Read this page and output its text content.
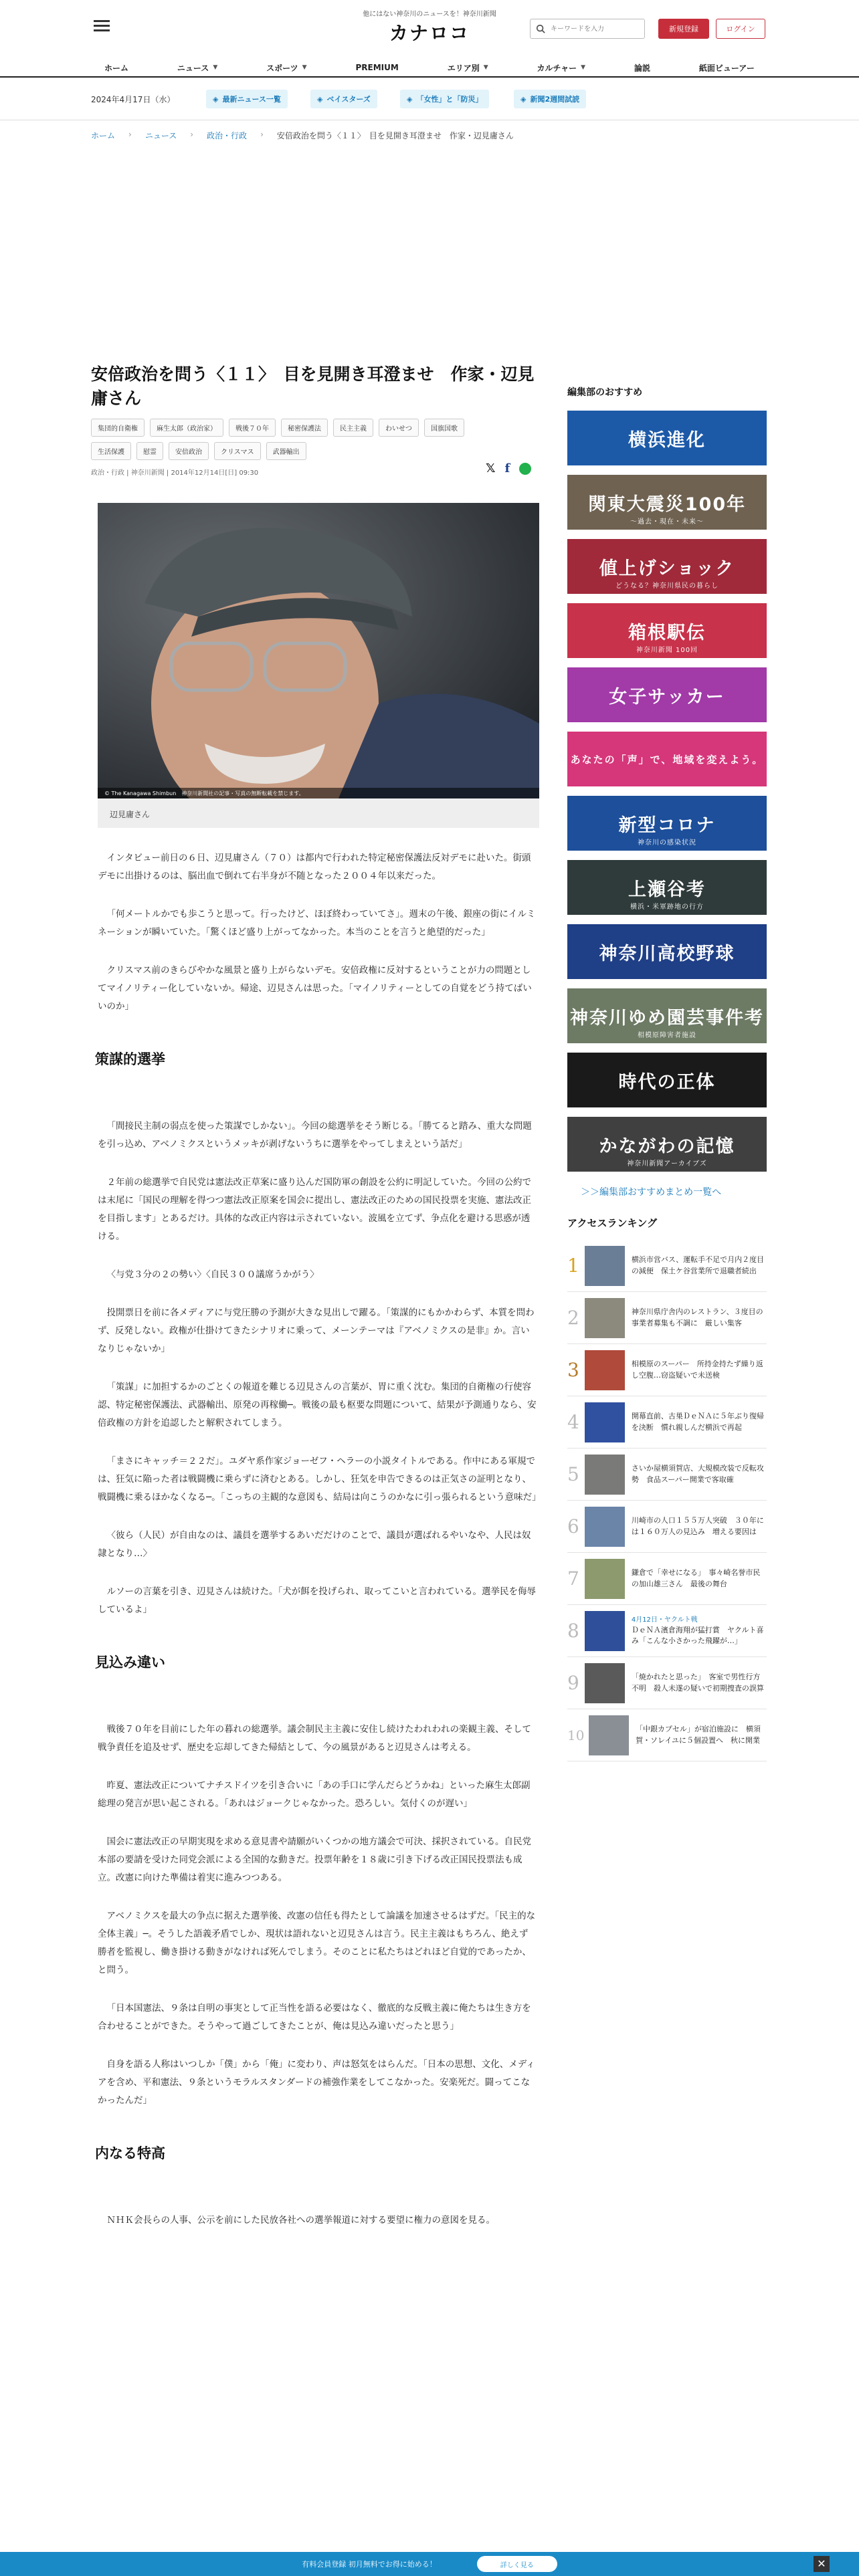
他にはない神奈川のニュースを！神奈川新聞
カナロコ
キーワードを入力	新規登録	ログイン
ホーム	ニュース ▼	スポーツ ▼	PREMIUM	エリア別 ▼	カルチャー ▼	論説	紙面ビューアー
2024年4月17日（水）	◈ 最新ニュース一覧	◈ ベイスターズ	◈ 「女性」と「防災」	◈ 新聞2週間試読
ホーム › ニュース › 政治・行政 › 安倍政治を問う〈１１〉　目を見開き耳澄ませ　作家・辺見庸さん
安倍政治を問う〈１１〉　目を見開き耳澄ませ　作家・辺見庸さん
集団的自衛権	麻生太郎（政治家）	戦後７０年	秘密保護法	民主主義	わいせつ	国旗国歌
生活保護	慰霊	安倍政治	クリスマス	武器輸出
政治・行政 | 神奈川新聞 | 2014年12月14日[日] 09:30	𝕏 f
© The Kanagawa Shimbun　神奈川新聞社の記事・写真の無断転載を禁じます。
辺見庸さん

インタビュー前日の６日、辺見庸さん（７０）は都内で行われた特定秘密保護法反対デモに赴いた。街頭デモに出掛けるのは、脳出血で倒れて右半身が不随となった２００４年以来だった。

「何メートルかでも歩こうと思って。行ったけど、ほぼ終わっていてさ」。週末の午後、銀座の街にイルミネーションが瞬いていた。「驚くほど盛り上がってなかった。本当のことを言うと絶望的だった」

クリスマス前のきらびやかな風景と盛り上がらないデモ。安倍政権に反対するということが力の問題としてマイノリティー化していないか。帰途、辺見さんは思った。「マイノリティーとしての自覚をどう持てばいいのか」

策謀的選挙

「間接民主制の弱点を使った策謀でしかない」。今回の総選挙をそう断じる。「勝てると踏み、重大な問題を引っ込め、アベノミクスというメッキが剥げないうちに選挙をやってしまえという話だ」

２年前の総選挙で自民党は憲法改正草案に盛り込んだ国防軍の創設を公約に明記していた。今回の公約では末尾に「国民の理解を得つつ憲法改正原案を国会に提出し、憲法改正のための国民投票を実施、憲法改正を目指します」とあるだけ。具体的な改正内容は示されていない。波風を立てず、争点化を避ける思惑が透ける。

〈与党３分の２の勢い〉〈自民３００議席うかがう〉

投開票日を前に各メディアに与党圧勝の予測が大きな見出しで躍る。「策謀的にもかかわらず、本質を問わず、反発しない。政権が仕掛けてきたシナリオに乗って、メーンテーマは『アベノミクスの是非』か。言いなりじゃないか」

「策謀」に加担するかのごとくの報道を難じる辺見さんの言葉が、胃に重く沈む。集団的自衛権の行使容認、特定秘密保護法、武器輸出、原発の再稼働─。戦後の最も枢要な問題について、結果が予測通りなら、安倍政権の方針を追認したと解釈されてしまう。

「まさにキャッチ＝２２だ」。ユダヤ系作家ジョーゼフ・ヘラーの小説タイトルである。作中にある軍規では、狂気に陥った者は戦闘機に乗らずに済むとある。しかし、狂気を申告できるのは正気さの証明となり、戦闘機に乗るほかなくなる─。「こっちの主観的な意図も、結局は向こうのかなに引っ張られるという意味だ」

〈彼ら（人民）が自由なのは、議員を選挙するあいだだけのことで、議員が選ばれるやいなや、人民は奴隷となり…〉

ルソーの言葉を引き、辺見さんは続けた。「犬が餌を投げられ、取ってこいと言われている。選挙民を侮辱しているよ」

見込み違い

戦後７０年を目前にした年の暮れの総選挙。議会制民主主義に安住し続けたわれわれの楽観主義、そして戦争責任を追及せず、歴史を忘却してきた帰結として、今の風景があると辺見さんは考える。

昨夏、憲法改正についてナチスドイツを引き合いに「あの手口に学んだらどうかね」といった麻生太郎副総理の発言が思い起こされる。「あれはジョークじゃなかった。恐ろしい。気付くのが遅い」

国会に憲法改正の早期実現を求める意見書や請願がいくつかの地方議会で可決、採択されている。自民党本部の要請を受けた同党会派による全国的な動きだ。投票年齢を１８歳に引き下げる改正国民投票法も成立。改憲に向けた準備は着実に進みつつある。

アベノミクスを最大の争点に据えた選挙後、改憲の信任も得たとして論議を加速させるはずだ。「民主的な全体主義」─。そうした語義矛盾でしか、現状は語れないと辺見さんは言う。民主主義はもちろん、絶えず勝者を監視し、働き掛ける動きがなければ死んでしまう。そのことに私たちはどれほど自覚的であったか、と問う。

「日本国憲法、９条は自明の事実として正当性を語る必要はなく、徹底的な反戦主義に俺たちは生き方を合わせることができた。そうやって過ごしてきたことが、俺は見込み違いだったと思う」

自身を語る人称はいつしか「僕」から「俺」に変わり、声は怒気をはらんだ。「日本の思想、文化、メディアを含め、平和憲法、９条というモラルスタンダードの補強作業をしてこなかった。安楽死だ。闘ってこなかったんだ」

内なる特高

ＮＨＫ会長らの人事、公示を前にした民放各社への選挙報道に対する要望に権力の意図を見る。

編集部のおすすめ
横浜進化
関東大震災100年
～過去・現在・未来～
値上げショック
どうなる？神奈川県民の暮らし
箱根駅伝
神奈川新聞 100回
女子サッカー
あなたの「声」で、地域を変えよう。
新型コロナ
神奈川の感染状況
上瀬谷考
横浜・米軍跡地の行方
神奈川高校野球
神奈川ゆめ園芸事件考
相模原障害者施設
時代の正体
かながわの記憶
神奈川新聞アーカイブズ
＞＞編集部おすすめまとめ一覧へ
アクセスランキング
1	横浜市営バス、運転手不足で月内２度目の減便　保土ケ谷営業所で退職者続出
2	神奈川県庁舎内のレストラン、３度目の事業者募集も不調に　厳しい集客
3	相模原のスーパー　所持金持たず繰り返し空腹…窃盗疑いで未送検
4	開幕直前、古巣ＤｅＮＡに５年ぶり復帰を決断　慣れ親しんだ横浜で再起
5	さいか屋横須賀店、大規模改装で反転攻勢　食品スーパー開業で客取確
6	川崎市の人口１５５万人突破　３０年には１６０万人の見込み　増える要因は
7	鎌倉で「幸せになる」　事々崎名誉市民の加山雄三さん　最後の舞台
8	4月12日・ヤクルト戦
ＤｅＮＡ濱倉海翔が猛打賞　ヤクルト喜み「こんな小さかった飛躍が…」
9	「焼かれたと思った」　客室で男性行方不明　殺人未遂の疑いで初期捜査の誤算
10	「中銀カプセル」が宿泊施設に　横須賀・ソレイユに５個設置へ　秋に開業
有料会員登録 初月無料でお得に始める！	詳しく見る	✕
